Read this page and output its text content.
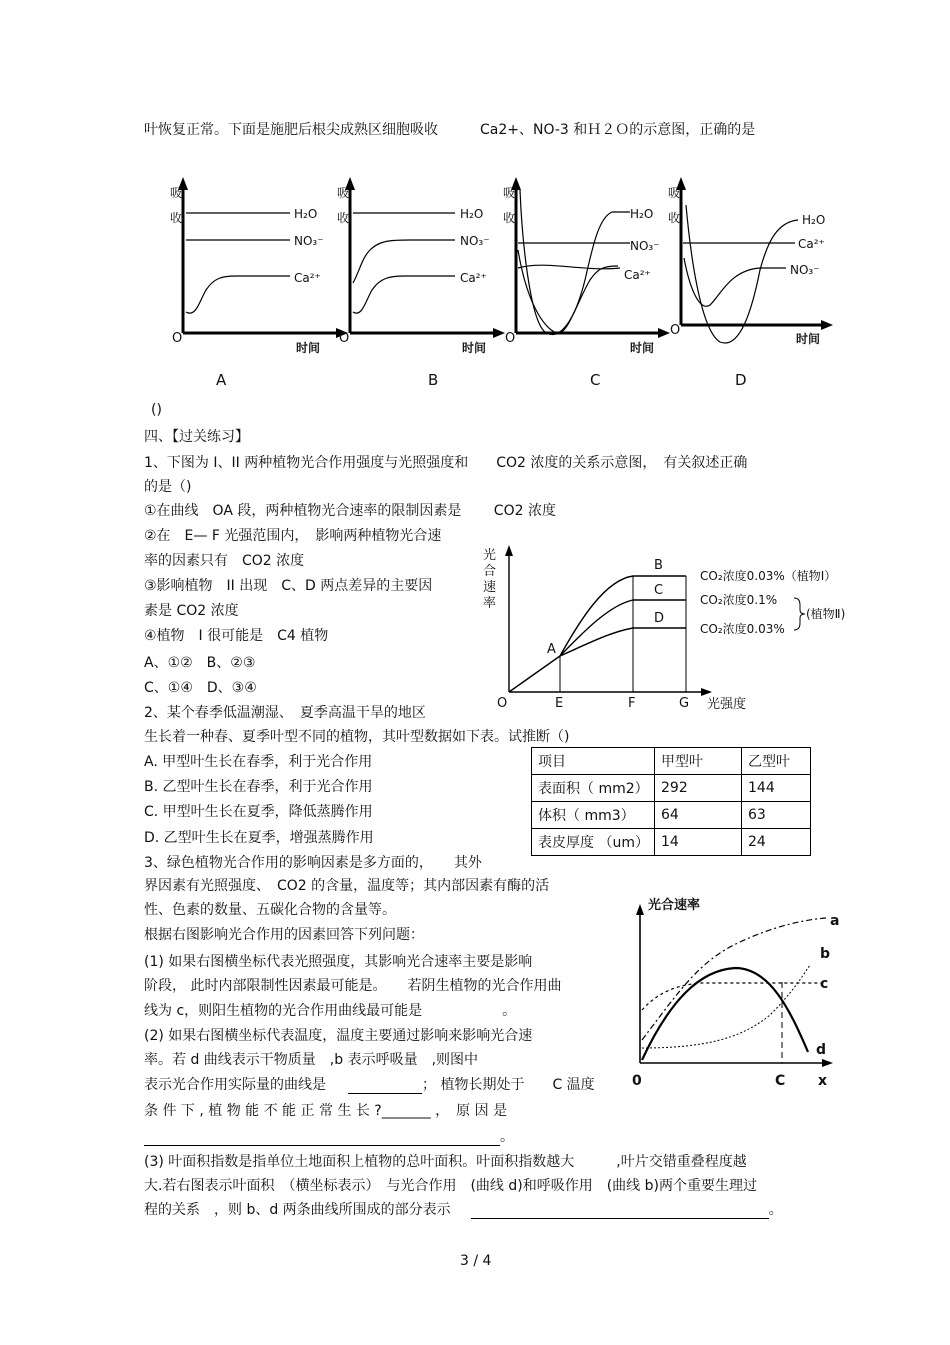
叶恢复正常。下面是施肥后根尖成熟区细胞吸收　　　Ca2+、NO-3 和Ｈ２Ｏ的示意图，正确的是
吸
收
O
时间
H₂O
NO₃⁻
Ca²⁺
A
吸
收
O
时间
H₂O
NO₃⁻
Ca²⁺
B
吸
收
O
时间
H₂O
NO₃⁻
Ca²⁺
C
吸
收
O
时间
H₂O
Ca²⁺
NO₃⁻
D
()
四、【过关练习】
1、下图为 I、II 两种植物光合作用强度与光照强度和　　CO2 浓度的关系示意图，　有关叙述正确
的是（)
①在曲线　OA 段，两种植物光合速率的限制因素是　　 CO2 浓度
②在　E— F 光强范围内，　影响两种植物光合速
率的因素只有　CO2 浓度
③影响植物　II 出现　C、D 两点差异的主要因
素是 CO2 浓度
④植物　I 很可能是　C4 植物
A、①②　B、②③
C、①④　D、③④
光
合
速
率
O
A
E	F	G
B
C
D
光强度
CO₂浓度0.03%（植物Ⅰ）
CO₂浓度0.1%
CO₂浓度0.03%
(植物Ⅱ)
2、某个春季低温潮湿、　夏季高温干旱的地区
生长着一种春、夏季叶型不同的植物，其叶型数据如下表。试推断（)
A. 甲型叶生长在春季，利于光合作用
B. 乙型叶生长在春季，利于光合作用
C. 甲型叶生长在夏季，降低蒸腾作用
D. 乙型叶生长在夏季，增强蒸腾作用
项目	甲型叶	乙型叶
表面积（ mm2）	292	144
体积（ mm3）	64	63
表皮厚度 （um）	14	24
3、绿色植物光合作用的影响因素是多方面的，　　其外
界因素有光照强度、　CO2 的含量，温度等；其内部因素有酶的活
性、色素的数量、五碳化合物的含量等。
根据右图影响光合作用的因素回答下列问题：
(1) 如果右图横坐标代表光照强度，其影响光合速率主要是影响
阶段， 此时内部限制性因素最可能是。　　若阴生植物的光合作用曲
线为 c，则阳生植物的光合作用曲线最可能是	。
(2) 如果右图横坐标代表温度，温度主要通过影响来影响光合速
率。若 d 曲线表示干物质量　,b 表示呼吸量　,则图中
表示光合作用实际量的曲线是	； 植物长期处于　　C 温度
条 件 下 , 植 物 能 不 能 正 常 生 长 ?_______ ，　原 因 是
。
(3) 叶面积指数是指单位土地面积上植物的总叶面积。叶面积指数越大　　　,叶片交错重叠程度越
大.若右图表示叶面积　（横坐标表示）　与光合作用　(曲线 d)和呼吸作用　(曲线 b)两个重要生理过
程的关系　，则 b、d 两条曲线所围成的部分表示	。
光合速率
0	C x
a
b
c
d
3 / 4
